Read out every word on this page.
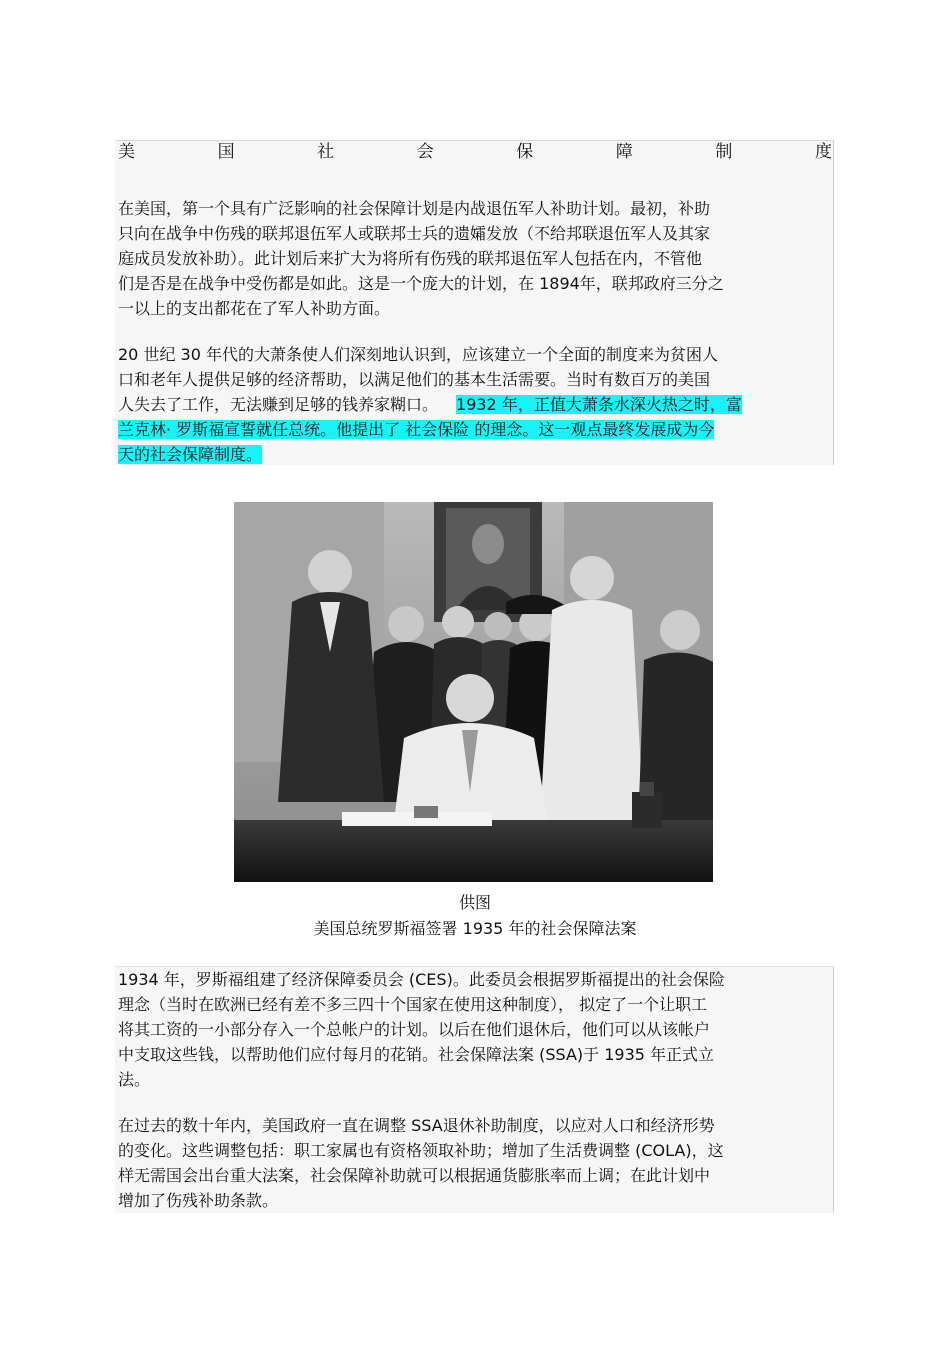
美	国	社	会	保	障	制	度

在美国，第一个具有广泛影响的社会保障计划是内战退伍军人补助计划。最初，补助
只向在战争中伤残的联邦退伍军人或联邦士兵的遗孀发放（不给邦联退伍军人及其家
庭成员发放补助）。此计划后来扩大为将所有伤残的联邦退伍军人包括在内，不管他
们是否是在战争中受伤都是如此。这是一个庞大的计划，在 1894年，联邦政府三分之
一以上的支出都花在了军人补助方面。

20 世纪 30 年代的大萧条使人们深刻地认识到，应该建立一个全面的制度来为贫困人
口和老年人提供足够的经济帮助，以满足他们的基本生活需要。当时有数百万的美国
人失去了工作，无法赚到足够的钱养家糊口。 1932 年，正值大萧条水深火热之时，富
兰克林· 罗斯福宣誓就任总统。他提出了 社会保险 的理念。这一观点最终发展成为今
天的社会保障制度。

供图
美国总统罗斯福签署 1935 年的社会保障法案

1934 年，罗斯福组建了经济保障委员会 (CES)。此委员会根据罗斯福提出的社会保险
理念（当时在欧洲已经有差不多三四十个国家在使用这种制度）， 拟定了一个让职工
将其工资的一小部分存入一个总帐户的计划。以后在他们退休后，他们可以从该帐户
中支取这些钱，以帮助他们应付每月的花销。社会保障法案 (SSA)于 1935 年正式立
法。

在过去的数十年内，美国政府一直在调整 SSA退休补助制度，以应对人口和经济形势
的变化。这些调整包括：职工家属也有资格领取补助；增加了生活费调整 (COLA)，这
样无需国会出台重大法案，社会保障补助就可以根据通货膨胀率而上调；在此计划中
增加了伤残补助条款。
